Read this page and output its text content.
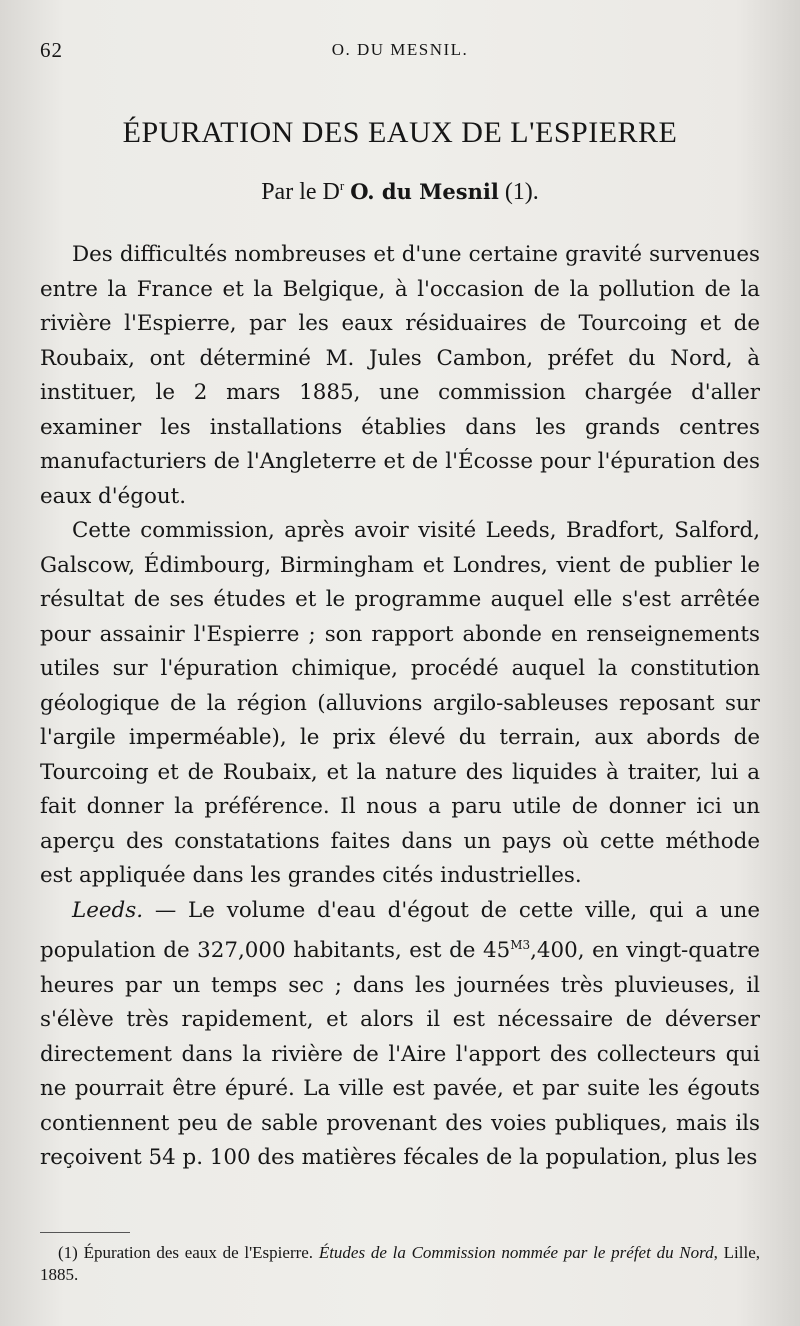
62	O. DU MESNIL.
ÉPURATION DES EAUX DE L'ESPIERRE
Par le $D^r$ O. du Mesnil (1).

Des difficultés nombreuses et d'une certaine gravité survenues entre la France et la Belgique, à l'occasion de la pollution de la rivière l'Espierre, par les eaux résiduaires de Tourcoing et de Roubaix, ont déterminé M. Jules Cambon, préfet du Nord, à instituer, le 2 mars 1885, une commission chargée d'aller examiner les installations établies dans les grands centres manufacturiers de l'Angleterre et de l'Écosse pour l'épuration des eaux d'égout.

Cette commission, après avoir visité Leeds, Bradfort, Salford, Galscow, Édimbourg, Birmingham et Londres, vient de publier le résultat de ses études et le programme auquel elle s'est arrêtée pour assainir l'Espierre ; son rapport abonde en renseignements utiles sur l'épuration chimique, procédé auquel la constitution géologique de la région (alluvions argilo-sableuses reposant sur l'argile imperméable), le prix élevé du terrain, aux abords de Tourcoing et de Roubaix, et la nature des liquides à traiter, lui a fait donner la préférence. Il nous a paru utile de donner ici un aperçu des constatations faites dans un pays où cette méthode est appliquée dans les grandes cités industrielles.

Leeds. — Le volume d'eau d'égout de cette ville, qui a une population de 327,000 habitants, est de $45^{M3},400$, en vingt-quatre heures par un temps sec ; dans les journées très pluvieuses, il s'élève très rapidement, et alors il est nécessaire de déverser directement dans la rivière de l'Aire l'apport des collecteurs qui ne pourrait être épuré. La ville est pavée, et par suite les égouts contiennent peu de sable provenant des voies publiques, mais ils reçoivent 54 p. 100 des matières fécales de la population, plus les

(1) Épuration des eaux de l'Espierre. Études de la Commission nommée par le préfet du Nord, Lille, 1885.
